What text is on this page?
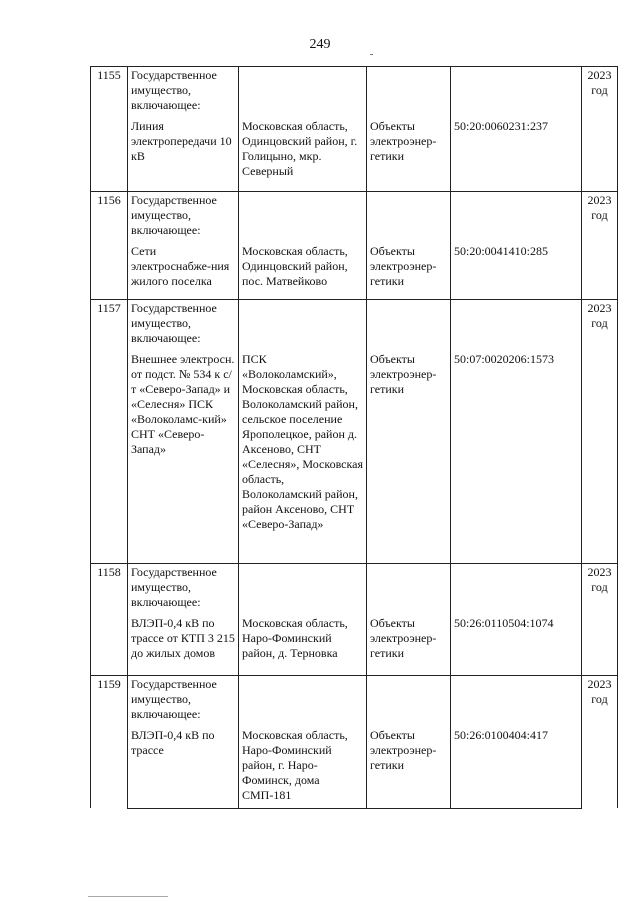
249
1155	Государственное имущество, включающее:				2023 год
	Линия электропередачи 10 кВ	Московская область, Одинцовский район, г. Голицыно, мкр. Северный	Объекты электроэнер-гетики	50:20:0060231:237	
1156	Государственное имущество, включающее:				2023 год
	Сети электроснабже-ния жилого поселка	Московская область, Одинцовский район, пос. Матвейково	Объекты электроэнер-гетики	50:20:0041410:285	
1157	Государственное имущество, включающее:				2023 год
	Внешнее электросн. от подст. № 534 к с/т «Северо-Запад» и «Селесня» ПСК «Волоколамс-кий» СНТ «Северо-Запад»	ПСК «Волоколамский», Московская область, Волоколамский район, сельское поселение Ярополецкое, район д. Аксеново, СНТ «Селесня», Московская область, Волоколамский район, район Аксеново, СНТ «Северо-Запад»	Объекты электроэнер-гетики	50:07:0020206:1573	
1158	Государственное имущество, включающее:				2023 год
	ВЛЭП-0,4 кВ по трассе от КТП 3 215 до жилых домов	Московская область, Наро-Фоминский район, д. Терновка	Объекты электроэнер-гетики	50:26:0110504:1074	
1159	Государственное имущество, включающее:				2023 год
	ВЛЭП-0,4 кВ по трассе	Московская область, Наро-Фоминский район, г. Наро-Фоминск, дома СМП-181	Объекты электроэнер-гетики	50:26:0100404:417	
